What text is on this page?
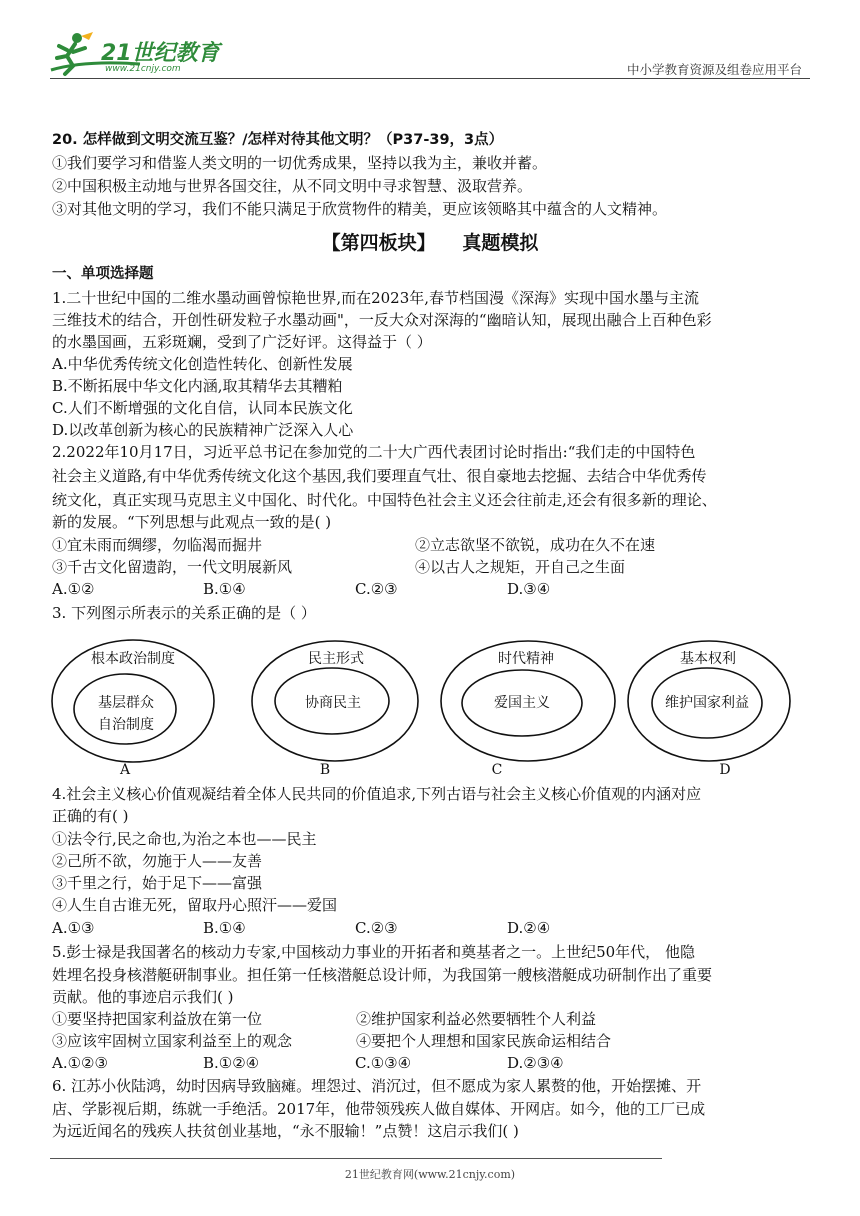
21世纪教育
www.21cnjy.com	中小学教育资源及组卷应用平台
20. 怎样做到文明交流互鉴？/怎样对待其他文明？（P37-39，3点）
①我们要学习和借鉴人类文明的一切优秀成果，坚持以我为主，兼收并蓄。
②中国积极主动地与世界各国交往，从不同文明中寻求智慧、汲取营养。
③对其他文明的学习，我们不能只满足于欣赏物件的精美，更应该领略其中蕴含的人文精神。
【第四板块】 真题模拟
一、单项选择题
1.二十世纪中国的二维水墨动画曾惊艳世界,而在2023年,春节档国漫《深海》实现中国水墨与主流
三维技术的结合，开创性研发粒子水墨动画"，一反大众对深海的“幽暗认知，展现出融合上百种色彩
的水墨国画，五彩斑斓，受到了广泛好评。这得益于（ ）
A.中华优秀传统文化创造性转化、创新性发展
B.不断拓展中华文化内涵,取其精华去其糟粕
C.人们不断增强的文化自信，认同本民族文化
D.以改革创新为核心的民族精神广泛深入人心
2.2022年10月17日，习近平总书记在参加党的二十大广西代表团讨论时指出:“我们走的中国特色
社会主义道路,有中华优秀传统文化这个基因,我们要理直气壮、很自豪地去挖掘、去结合中华优秀传
统文化，真正实现马克思主义中国化、时代化。中国特色社会主义还会往前走,还会有很多新的理论、
新的发展。“下列思想与此观点一致的是( )
①宜未雨而绸缪，勿临渴而掘井	②立志欲坚不欲锐，成功在久不在速
③千古文化留遗韵，一代文明展新风	④以古人之规矩，开自己之生面
A.①②	B.①④	C.②③	D.③④
3. 下列图示所表示的关系正确的是（ ）
根本政治制度
基层群众
自治制度
A
民主形式
协商民主
B
时代精神
爱国主义
C
基本权利
维护国家利益
D
4.社会主义核心价值观凝结着全体人民共同的价值追求,下列古语与社会主义核心价值观的内涵对应
正确的有( )
①法令行,民之命也,为治之本也——民主
②己所不欲，勿施于人——友善
③千里之行，始于足下——富强
④人生自古谁无死，留取丹心照汗——爱国
A.①③	B.①④	C.②③	D.②④
5.彭士禄是我国著名的核动力专家,中国核动力事业的开拓者和奠基者之一。上世纪50年代， 他隐
姓埋名投身核潜艇研制事业。担任第一任核潜艇总设计师，为我国第一艘核潜艇成功研制作出了重要
贡献。他的事迹启示我们( )
①要坚持把国家利益放在第一位	②维护国家利益必然要牺牲个人利益
③应该牢固树立国家利益至上的观念	④要把个人理想和国家民族命运相结合
A.①②③	B.①②④	C.①③④	D.②③④
6. 江苏小伙陆鸿，幼时因病导致脑瘫。埋怨过、消沉过，但不愿成为家人累赘的他，开始摆摊、开
店、学影视后期，练就一手绝活。2017年，他带领残疾人做自媒体、开网店。如今，他的工厂已成
为远近闻名的残疾人扶贫创业基地，“永不服输！”点赞！这启示我们( )
21世纪教育网(www.21cnjy.com)
